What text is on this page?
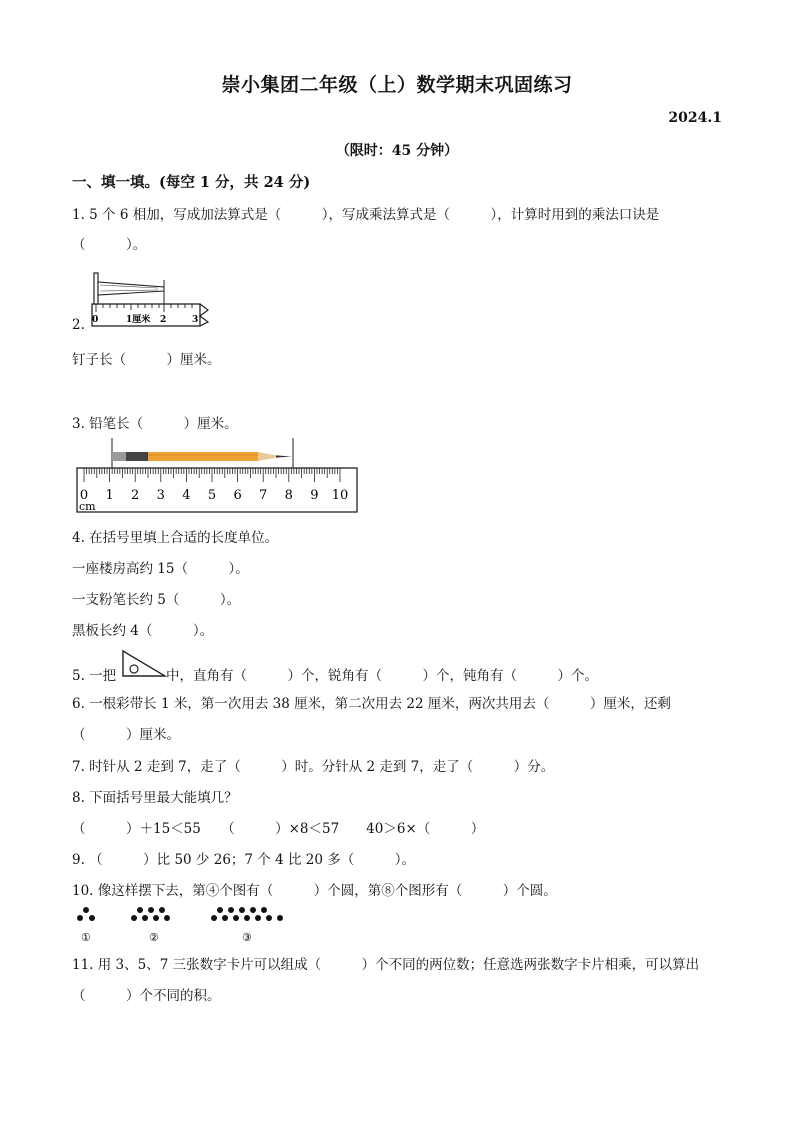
崇小集团二年级（上）数学期末巩固练习
2024.1
（限时：45 分钟）
一、填一填。(每空 1 分，共 24 分)
1. 5 个 6 相加，写成加法算式是（　　　），写成乘法算式是（　　　），计算时用到的乘法口诀是
（　　　）。
0	1厘米 2	3
2.
钉子长（　　　）厘米。
3. 铅笔长（　　　）厘米。
0 1 2 3 4 5 6 7 8 9 10
cm
4. 在括号里填上合适的长度单位。
一座楼房高约 15（　　　）。
一支粉笔长约 5（　　　）。
黑板长约 4（　　　）。
5. 一把	中，直角有（　　　）个，锐角有（　　　）个，钝角有（　　　）个。
6. 一根彩带长 1 米，第一次用去 38 厘米，第二次用去 22 厘米，两次共用去（　　　）厘米，还剩
（　　　）厘米。
7. 时针从 2 走到 7，走了（　　　）时。分针从 2 走到 7，走了（　　　）分。
8. 下面括号里最大能填几？
（　　　）＋15＜55　　（　　　）×8＜57　　40＞6×（　　　）
9. （　　　）比 50 少 26；7 个 4 比 20 多（　　　）。
10. 像这样摆下去，第④个图有（　　　）个圆，第⑧个图形有（　　　）个圆。
①	②	③
11. 用 3、5、7 三张数字卡片可以组成（　　　）个不同的两位数；任意选两张数字卡片相乘，可以算出
（　　　）个不同的积。
